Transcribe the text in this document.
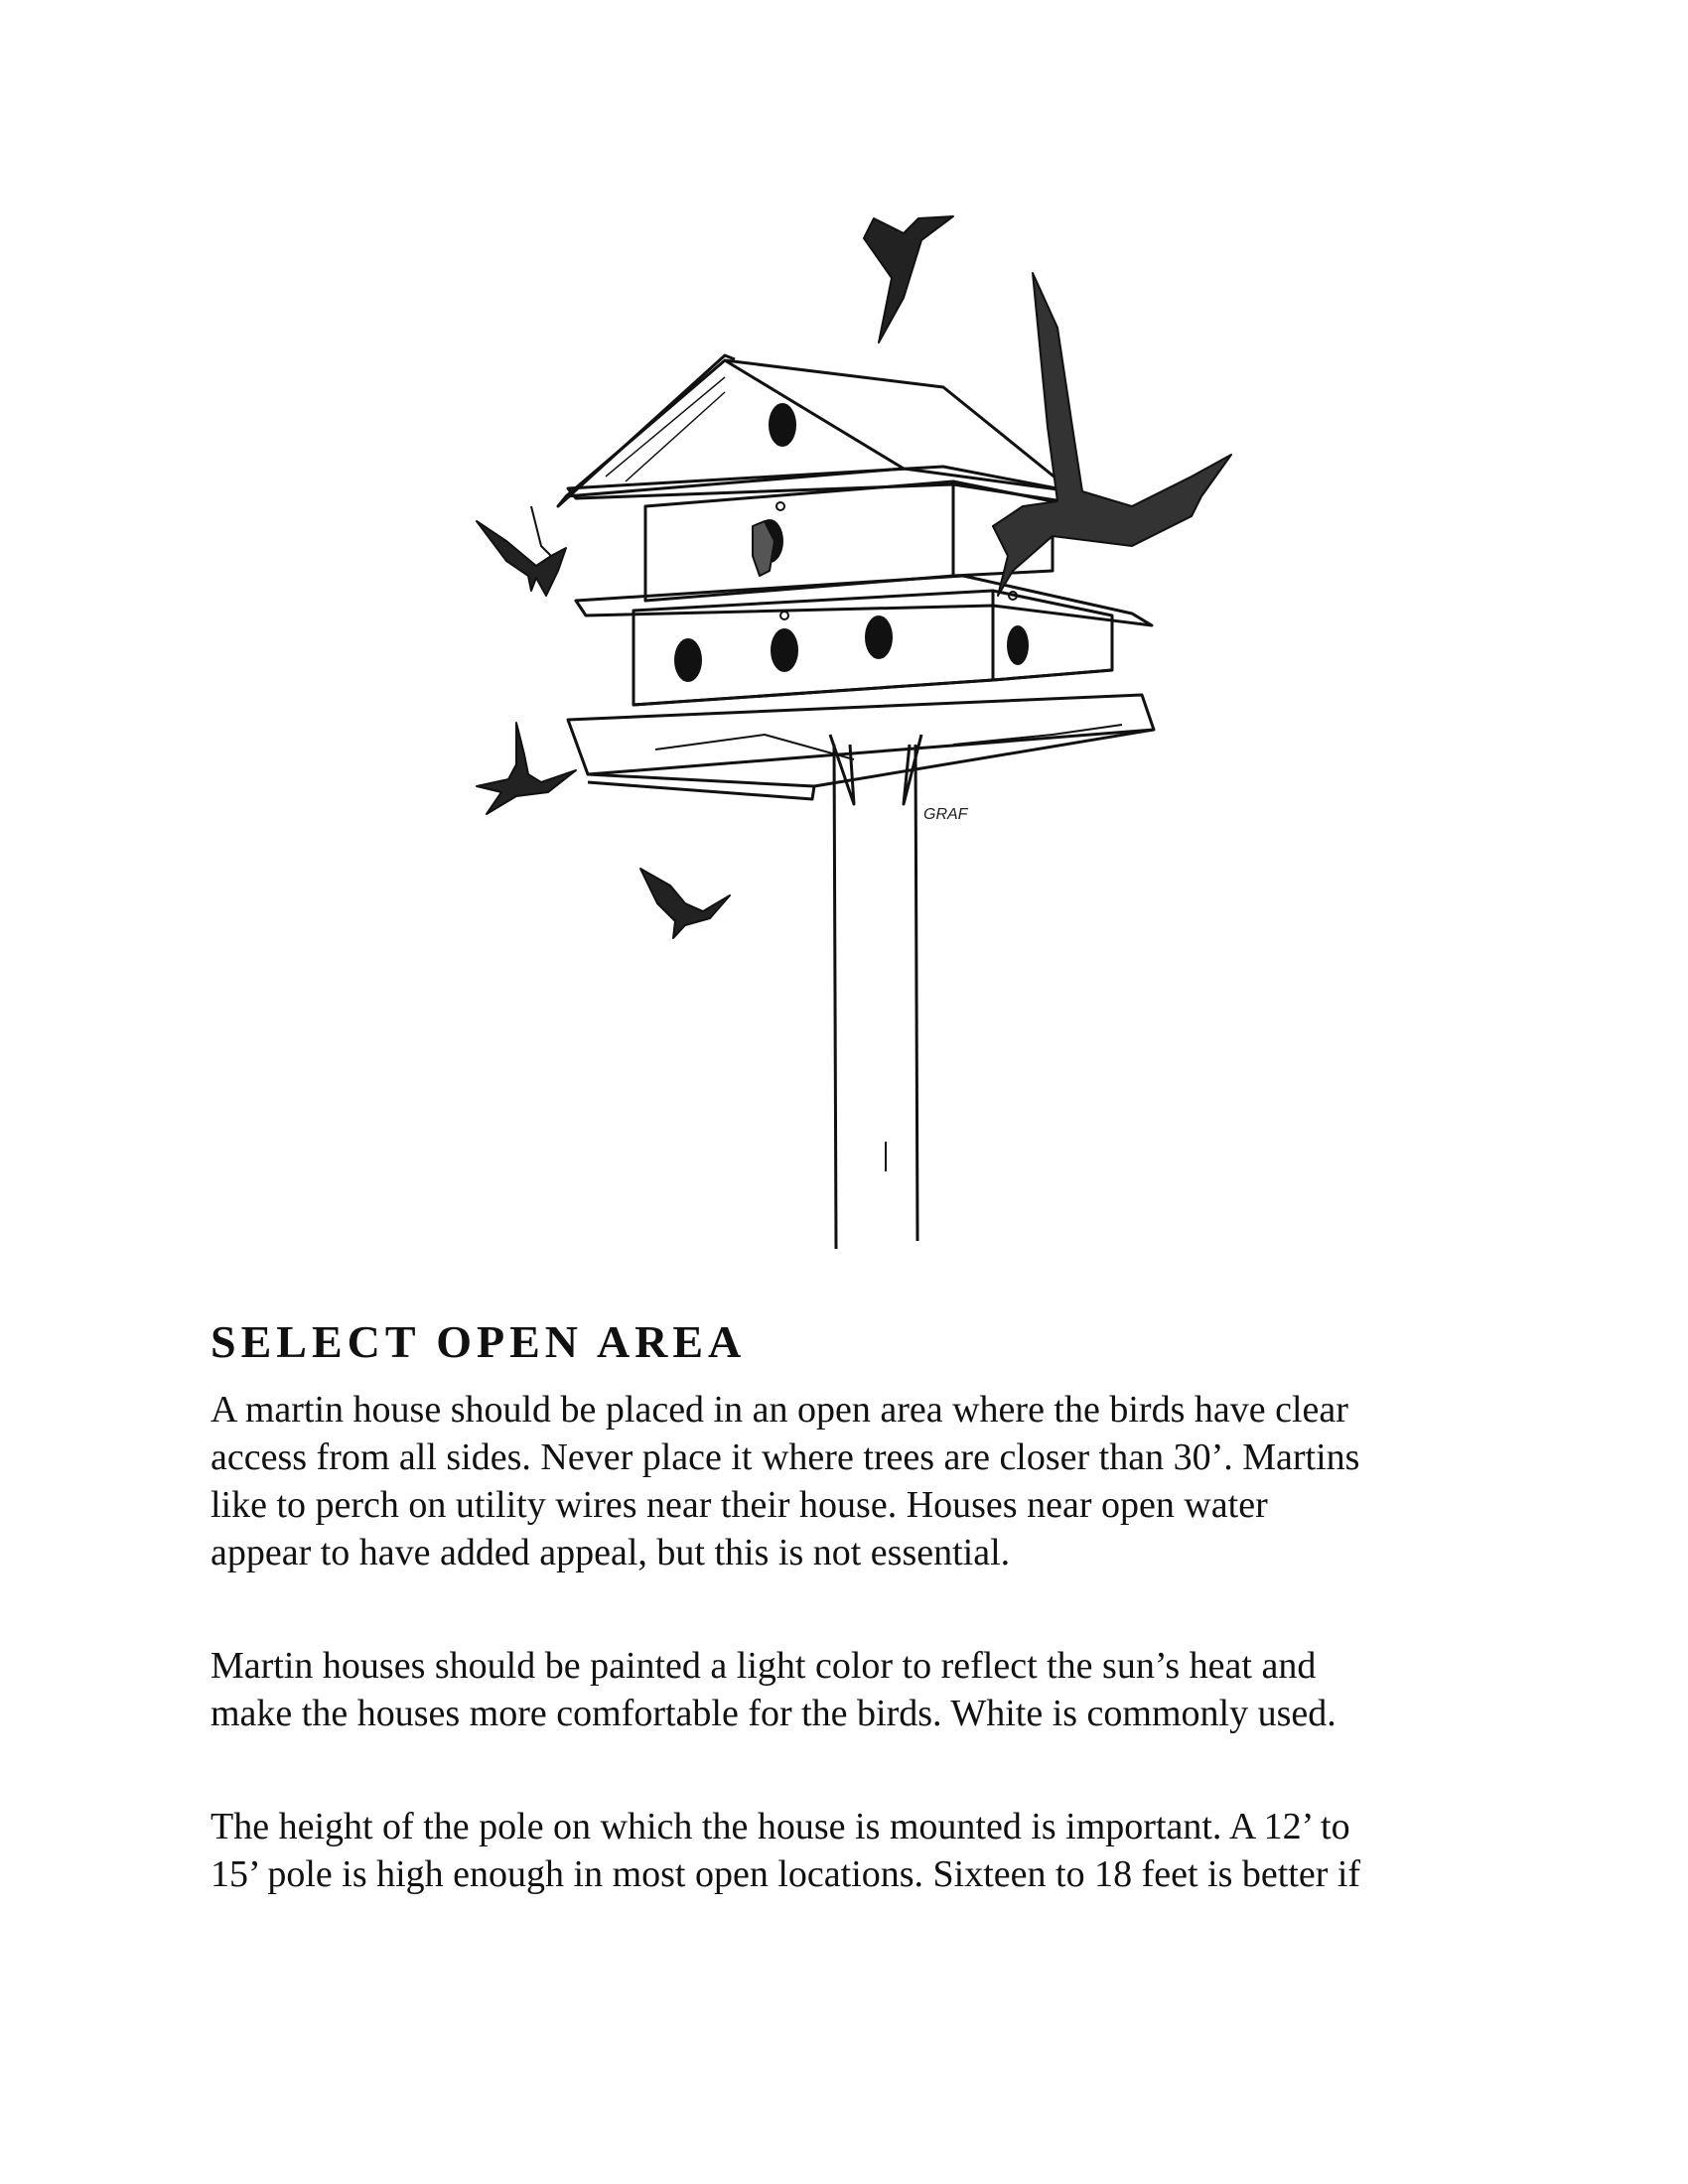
GRAF
SELECT OPEN AREA

A martin house should be placed in an open area where the birds have clear
access from all sides. Never place it where trees are closer than 30’. Martins
like to perch on utility wires near their house. Houses near open water
appear to have added appeal, but this is not essential.

Martin houses should be painted a light color to reflect the sun’s heat and
make the houses more comfortable for the birds. White is commonly used.

The height of the pole on which the house is mounted is important. A 12’ to
15’ pole is high enough in most open locations. Sixteen to 18 feet is better if
